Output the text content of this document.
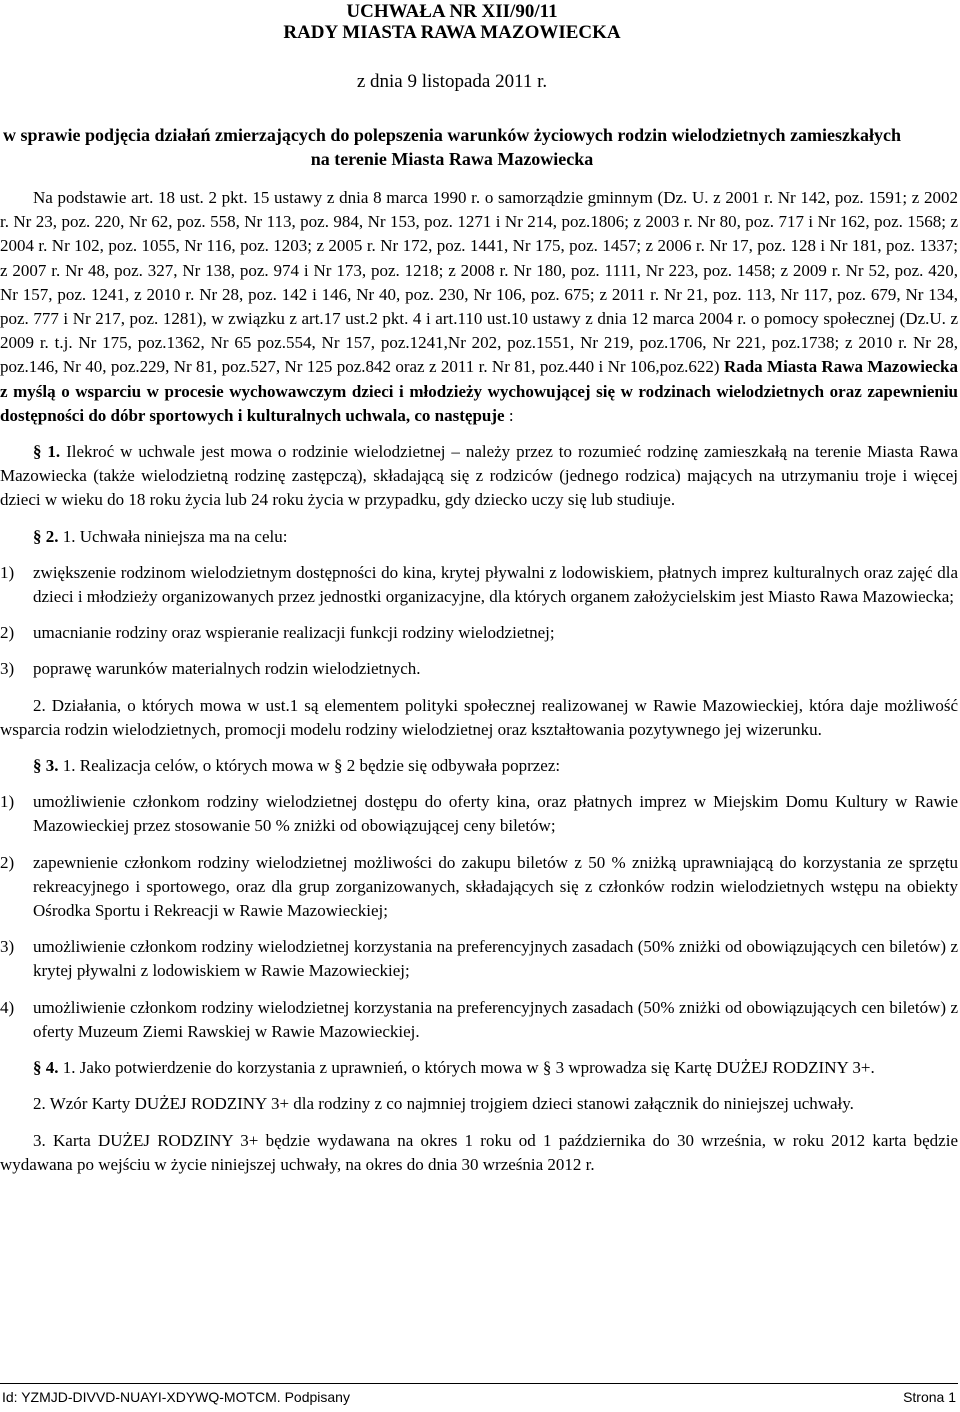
UCHWAŁA NR XII/90/11
RADY MIASTA RAWA MAZOWIECKA
z dnia 9 listopada 2011 r.
w sprawie podjęcia działań zmierzających do polepszenia warunków życiowych rodzin wielodzietnych zamieszkałych na terenie Miasta Rawa Mazowiecka

Na podstawie art. 18 ust. 2 pkt. 15 ustawy z dnia 8 marca 1990 r. o samorządzie gminnym (Dz. U. z 2001 r. Nr 142, poz. 1591; z 2002 r. Nr 23, poz. 220, Nr 62, poz. 558, Nr 113, poz. 984, Nr 153, poz. 1271 i Nr 214, poz.1806; z 2003 r. Nr 80, poz. 717 i Nr 162, poz. 1568; z 2004 r. Nr 102, poz. 1055, Nr 116, poz. 1203; z 2005 r. Nr 172, poz. 1441, Nr 175, poz. 1457; z 2006 r. Nr 17, poz. 128 i Nr 181, poz. 1337; z 2007 r. Nr 48, poz. 327, Nr 138, poz. 974 i Nr 173, poz. 1218; z 2008 r. Nr 180, poz. 1111, Nr 223, poz. 1458; z 2009 r. Nr 52, poz. 420, Nr 157, poz. 1241, z 2010 r. Nr 28, poz. 142 i 146, Nr 40, poz. 230, Nr 106, poz. 675; z 2011 r. Nr 21, poz. 113, Nr 117, poz. 679, Nr 134, poz. 777 i Nr 217, poz. 1281), w związku z art.17 ust.2 pkt. 4 i art.110 ust.10 ustawy z dnia 12 marca 2004 r. o pomocy społecznej (Dz.U. z 2009 r. t.j. Nr 175, poz.1362, Nr 65 poz.554, Nr 157, poz.1241,Nr 202, poz.1551, Nr 219, poz.1706, Nr 221, poz.1738; z 2010 r. Nr 28, poz.146, Nr 40, poz.229, Nr 81, poz.527, Nr 125 poz.842 oraz z 2011 r. Nr 81, poz.440 i Nr 106,poz.622) Rada Miasta Rawa Mazowiecka z myślą o wsparciu w procesie wychowawczym dzieci i młodzieży wychowującej się w rodzinach wielodzietnych oraz zapewnieniu dostępności do dóbr sportowych i kulturalnych uchwala, co następuje :

§ 1. Ilekroć w uchwale jest mowa o rodzinie wielodzietnej – należy przez to rozumieć rodzinę zamieszkałą na terenie Miasta Rawa Mazowiecka (także wielodzietną rodzinę zastępczą), składającą się z rodziców (jednego rodzica) mających na utrzymaniu troje i więcej dzieci w wieku do 18 roku życia lub 24 roku życia w przypadku, gdy dziecko uczy się lub studiuje.

§ 2. 1. Uchwała niniejsza ma na celu:

1)	zwiększenie rodzinom wielodzietnym dostępności do kina, krytej pływalni z lodowiskiem, płatnych imprez kulturalnych oraz zajęć dla dzieci i młodzieży organizowanych przez jednostki organizacyjne, dla których organem założycielskim jest Miasto Rawa Mazowiecka;
2)	umacnianie rodziny oraz wspieranie realizacji funkcji rodziny wielodzietnej;
3)	poprawę warunków materialnych rodzin wielodzietnych.

2. Działania, o których mowa w ust.1 są elementem polityki społecznej realizowanej w Rawie Mazowieckiej, która daje możliwość wsparcia rodzin wielodzietnych, promocji modelu rodziny wielodzietnej oraz kształtowania pozytywnego jej wizerunku.

§ 3. 1. Realizacja celów, o których mowa w § 2 będzie się odbywała poprzez:

1)	umożliwienie członkom rodziny wielodzietnej dostępu do oferty kina, oraz płatnych imprez w Miejskim Domu Kultury w Rawie Mazowieckiej przez stosowanie 50 % zniżki od obowiązującej ceny biletów;
2)	zapewnienie członkom rodziny wielodzietnej możliwości do zakupu biletów z 50 % zniżką uprawniającą do korzystania ze sprzętu rekreacyjnego i sportowego, oraz dla grup zorganizowanych, składających się z członków rodzin wielodzietnych wstępu na obiekty Ośrodka Sportu i Rekreacji w Rawie Mazowieckiej;
3)	umożliwienie członkom rodziny wielodzietnej korzystania na preferencyjnych zasadach (50% zniżki od obowiązujących cen biletów) z krytej pływalni z lodowiskiem w Rawie Mazowieckiej;
4)	umożliwienie członkom rodziny wielodzietnej korzystania na preferencyjnych zasadach (50% zniżki od obowiązujących cen biletów) z oferty Muzeum Ziemi Rawskiej w Rawie Mazowieckiej.

§ 4. 1. Jako potwierdzenie do korzystania z uprawnień, o których mowa w § 3 wprowadza się Kartę DUŻEJ RODZINY 3+.

2. Wzór Karty DUŻEJ RODZINY 3+ dla rodziny z co najmniej trojgiem dzieci stanowi załącznik do niniejszej uchwały.

3. Karta DUŻEJ RODZINY 3+ będzie wydawana na okres 1 roku od 1 października do 30 września, w roku 2012 karta będzie wydawana po wejściu w życie niniejszej uchwały, na okres do dnia 30 września 2012 r.

Id: YZMJD-DIVVD-NUAYI-XDYWQ-MOTCM. Podpisany	Strona 1
